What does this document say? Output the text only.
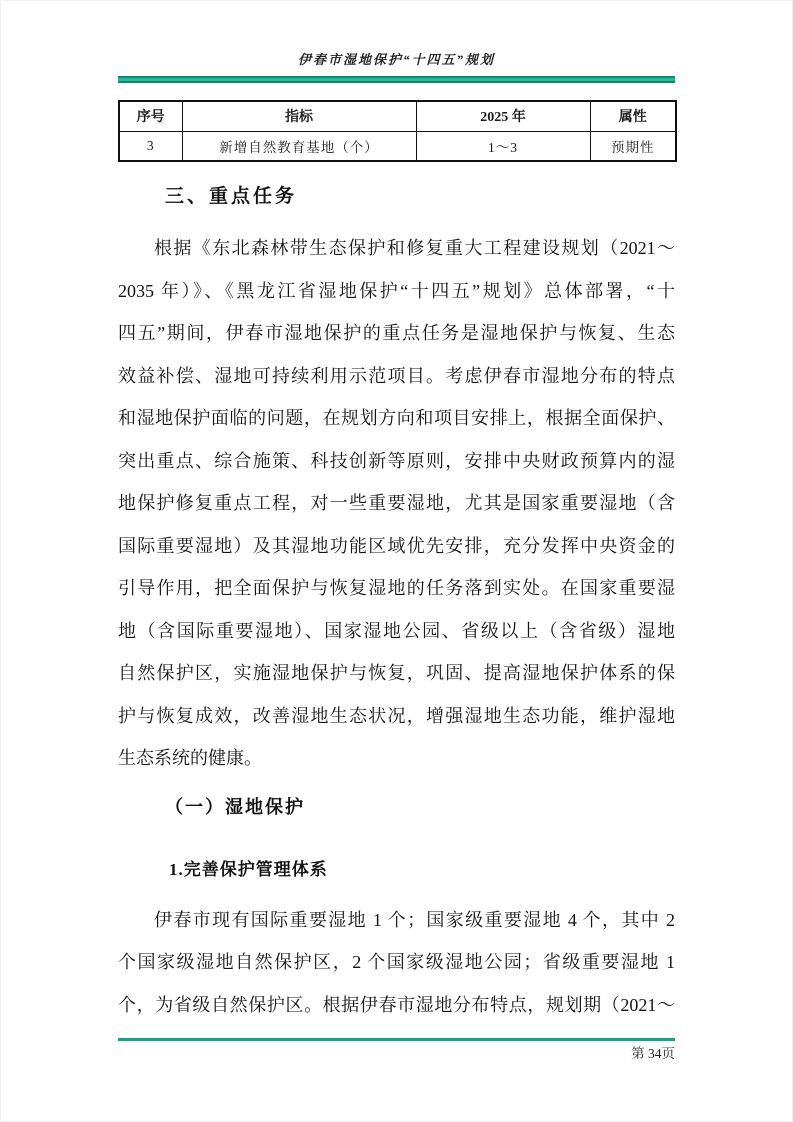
伊春市湿地保护“十四五”规划
序号	指标	2025 年	属性
3	新增自然教育基地（个）	1～3	预期性
三、重点任务
根据《东北森林带生态保护和修复重大工程建设规划（2021～
2035 年）》、《黑龙江省湿地保护“十四五”规划》总体部署，“十
四五”期间，伊春市湿地保护的重点任务是湿地保护与恢复、生态
效益补偿、湿地可持续利用示范项目。考虑伊春市湿地分布的特点
和湿地保护面临的问题，在规划方向和项目安排上，根据全面保护、
突出重点、综合施策、科技创新等原则，安排中央财政预算内的湿
地保护修复重点工程，对一些重要湿地，尤其是国家重要湿地（含
国际重要湿地）及其湿地功能区域优先安排，充分发挥中央资金的
引导作用，把全面保护与恢复湿地的任务落到实处。在国家重要湿
地（含国际重要湿地）、国家湿地公园、省级以上（含省级）湿地
自然保护区，实施湿地保护与恢复，巩固、提高湿地保护体系的保
护与恢复成效，改善湿地生态状况，增强湿地生态功能，维护湿地
生态系统的健康。
（一）湿地保护
1.完善保护管理体系
伊春市现有国际重要湿地 1 个；国家级重要湿地 4 个，其中 2
个国家级湿地自然保护区，2 个国家级湿地公园；省级重要湿地 1
个，为省级自然保护区。根据伊春市湿地分布特点，规划期（2021～
第 34页
